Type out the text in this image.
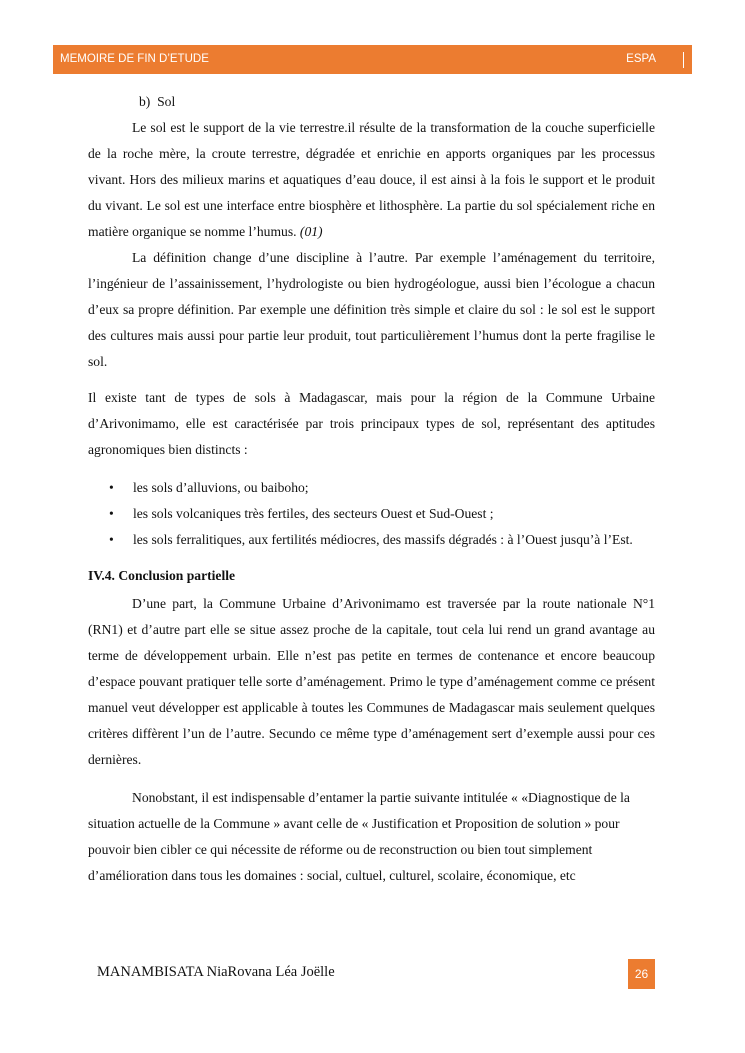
MEMOIRE DE FIN D’ETUDE	ESPA

b)  Sol

Le sol est le support de la vie terrestre.il résulte de la transformation de la couche superficielle de la roche mère, la croute terrestre, dégradée et enrichie en apports organiques par les processus vivant. Hors des milieux marins et aquatiques d’eau douce, il est ainsi à la fois le support et le produit du vivant. Le sol est une interface entre biosphère et lithosphère. La partie du sol spécialement riche en matière organique se nomme l’humus. (01)

La définition change d’une discipline à l’autre. Par exemple l’aménagement du territoire, l’ingénieur de l’assainissement, l’hydrologiste ou bien hydrogéologue, aussi bien l’écologue a chacun d’eux sa propre définition. Par exemple une définition très simple et claire du sol : le sol est le support des cultures mais aussi pour partie leur produit, tout particulièrement l’humus dont la perte fragilise le sol.

Il existe tant de types de sols à Madagascar, mais pour la région de la Commune Urbaine d’Arivonimamo, elle est caractérisée par trois principaux types de sol, représentant des aptitudes agronomiques bien distincts :

• les sols d’alluvions, ou baiboho;
• les sols volcaniques très fertiles, des secteurs Ouest et Sud-Ouest ;
• les sols ferralitiques, aux fertilités médiocres, des massifs dégradés : à l’Ouest jusqu’à l’Est.

IV.4. Conclusion partielle

D’une part, la Commune Urbaine d’Arivonimamo est traversée par la route nationale N°1 (RN1) et d’autre part elle se situe assez proche de la capitale, tout cela lui rend un grand avantage au terme de développement urbain. Elle n’est pas petite en termes de contenance et encore beaucoup d’espace pouvant pratiquer telle sorte d’aménagement. Primo le type d’aménagement comme ce présent manuel veut développer est applicable à toutes les Communes de Madagascar mais seulement quelques critères diffèrent l’un de l’autre. Secundo ce même type d’aménagement sert d’exemple aussi pour ces dernières.

Nonobstant, il est indispensable d’entamer la partie suivante intitulée « «Diagnostique de la situation actuelle de la Commune » avant celle de « Justification et Proposition de solution » pour pouvoir bien cibler ce qui nécessite de réforme ou de reconstruction ou bien tout simplement d’amélioration dans tous les domaines : social, cultuel, culturel, scolaire, économique, etc

MANAMBISATA NiaRovana Léa Joëlle	26
